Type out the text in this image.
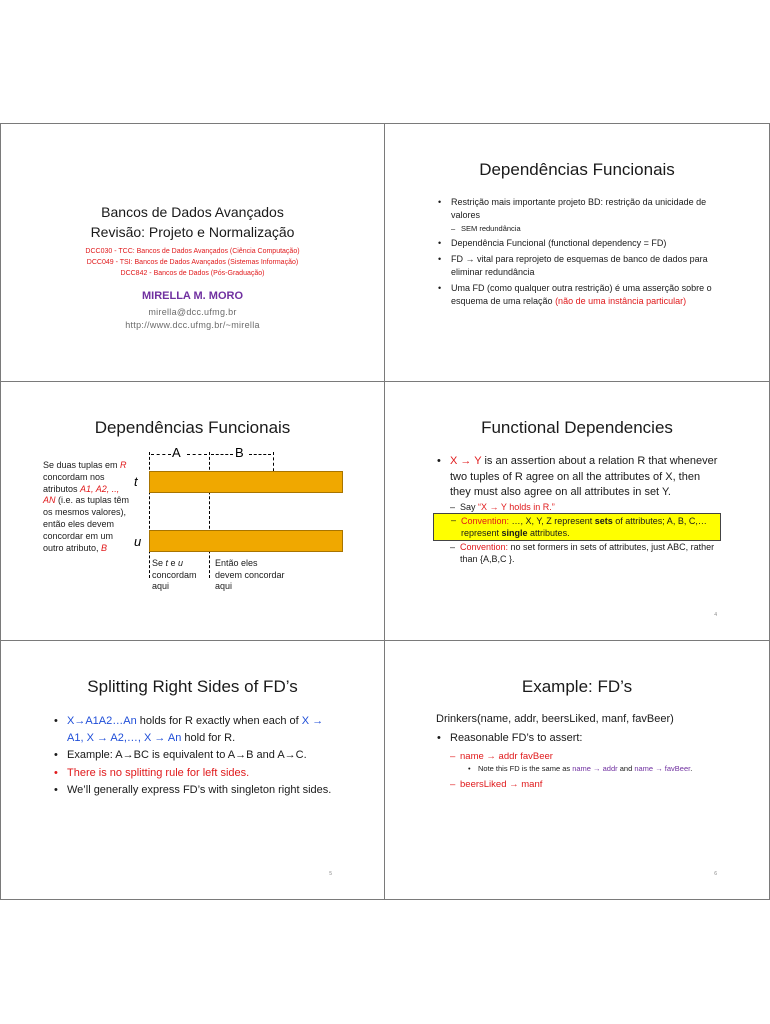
Bancos de Dados Avançados
Revisão: Projeto e Normalização
DCC030 - TCC: Bancos de Dados Avançados (Ciência Computação)
DCC049 - TSI: Bancos de Dados Avançados (Sistemas Informação)
DCC842 - Bancos de Dados (Pós-Graduação)
MIRELLA M. MORO
mirella@dcc.ufmg.br
http://www.dcc.ufmg.br/~mirella
Dependências Funcionais
• Restrição mais importante projeto BD: restrição da unicidade de valores
– SEM redundância
• Dependência Funcional (functional dependency = FD)
• FD → vital para reprojeto de esquemas de banco de dados para eliminar redundância
• Uma FD (como qualquer outra restrição) é uma asserção sobre o esquema de uma relação (não de uma instância particular)
Dependências Funcionais
Se duas tuplas em R concordam nos atributos A1, A2, .., AN (i.e. as tuplas têm os mesmos valores), então eles devem concordar em um outro atributo, B
A	B
t
u
Se t e u concordam aqui
Então eles devem concordar aqui
Functional Dependencies
• X → Y is an assertion about a relation R that whenever two tuples of R agree on all the attributes of X, then they must also agree on all attributes in set Y.
– Say “X → Y holds in R.”
– Convention: …, X, Y, Z represent sets of attributes; A, B, C,… represent single attributes.
– Convention: no set formers in sets of attributes, just ABC, rather than {A,B,C }.
4
Splitting Right Sides of FD’s
• X→A1A2…An holds for R exactly when each of X → A1, X → A2,…, X → An hold for R.
• Example: A→BC is equivalent to A→B and A→C.
• There is no splitting rule for left sides.
• We’ll generally express FD’s with singleton right sides.
5
Example: FD’s
Drinkers(name, addr, beersLiked, manf, favBeer)
• Reasonable FD’s to assert:
– name → addr favBeer
• Note this FD is the same as name → addr and name → favBeer.
– beersLiked → manf
6
